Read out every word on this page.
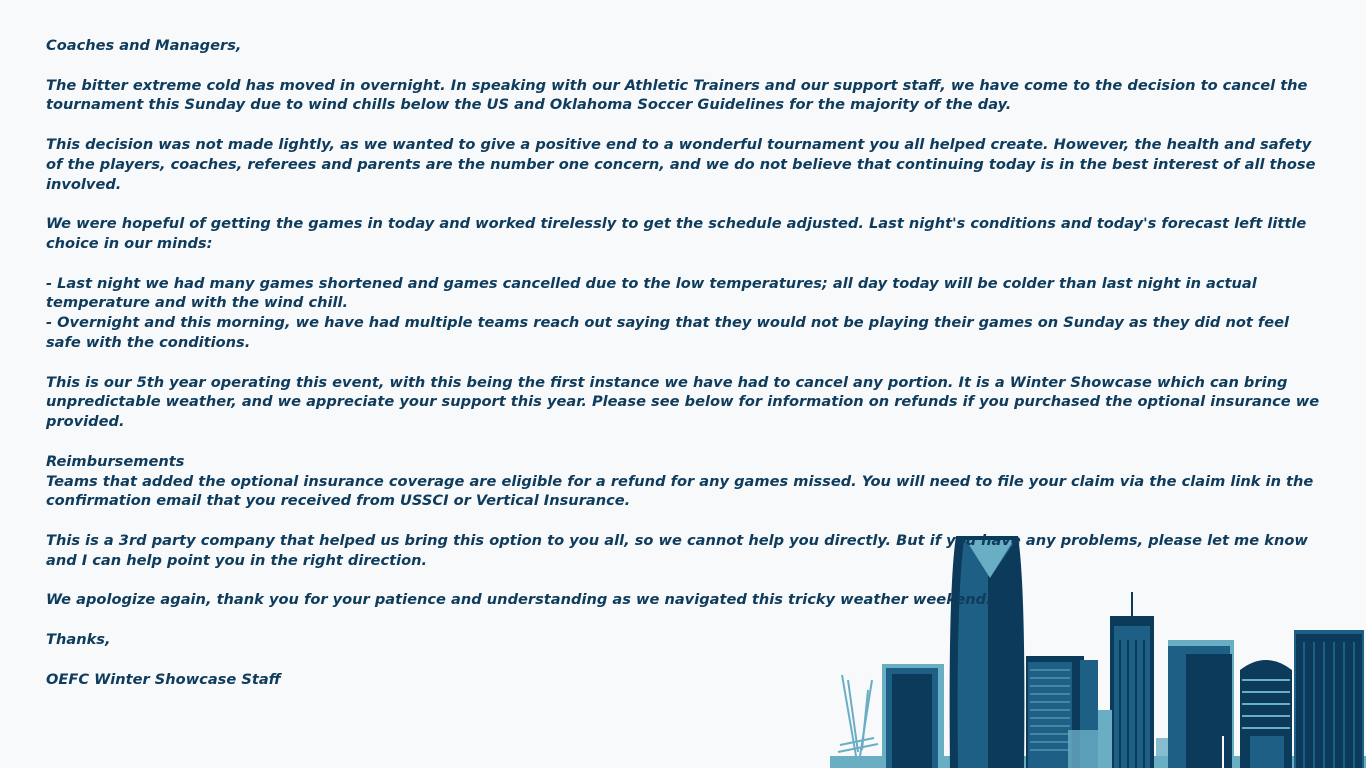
Coaches and Managers,

The bitter extreme cold has moved in overnight. In speaking with our Athletic Trainers and our support staff, we have come to the decision to cancel the tournament this Sunday due to wind chills below the US and Oklahoma Soccer Guidelines for the majority of the day.

This decision was not made lightly, as we wanted to give a positive end to a wonderful tournament you all helped create. However, the health and safety of the players, coaches, referees and parents are the number one concern, and we do not believe that continuing today is in the best interest of all those involved.

We were hopeful of getting the games in today and worked tirelessly to get the schedule adjusted. Last night's conditions and today's forecast left little choice in our minds:

- Last night we had many games shortened and games cancelled due to the low temperatures; all day today will be colder than last night in actual temperature and with the wind chill.

- Overnight and this morning, we have had multiple teams reach out saying that they would not be playing their games on Sunday as they did not feel safe with the conditions.

This is our 5th year operating this event, with this being the first instance we have had to cancel any portion. It is a Winter Showcase which can bring unpredictable weather, and we appreciate your support this year. Please see below for information on refunds if you purchased the optional insurance we provided.

Reimbursements

Teams that added the optional insurance coverage are eligible for a refund for any games missed. You will need to file your claim via the claim link in the confirmation email that you received from USSCI or Vertical Insurance.

This is a 3rd party company that helped us bring this option to you all, so we cannot help you directly. But if you have any problems, please let me know and I can help point you in the right direction.

We apologize again, thank you for your patience and understanding as we navigated this tricky weather weekend.

Thanks,

OEFC Winter Showcase Staff
